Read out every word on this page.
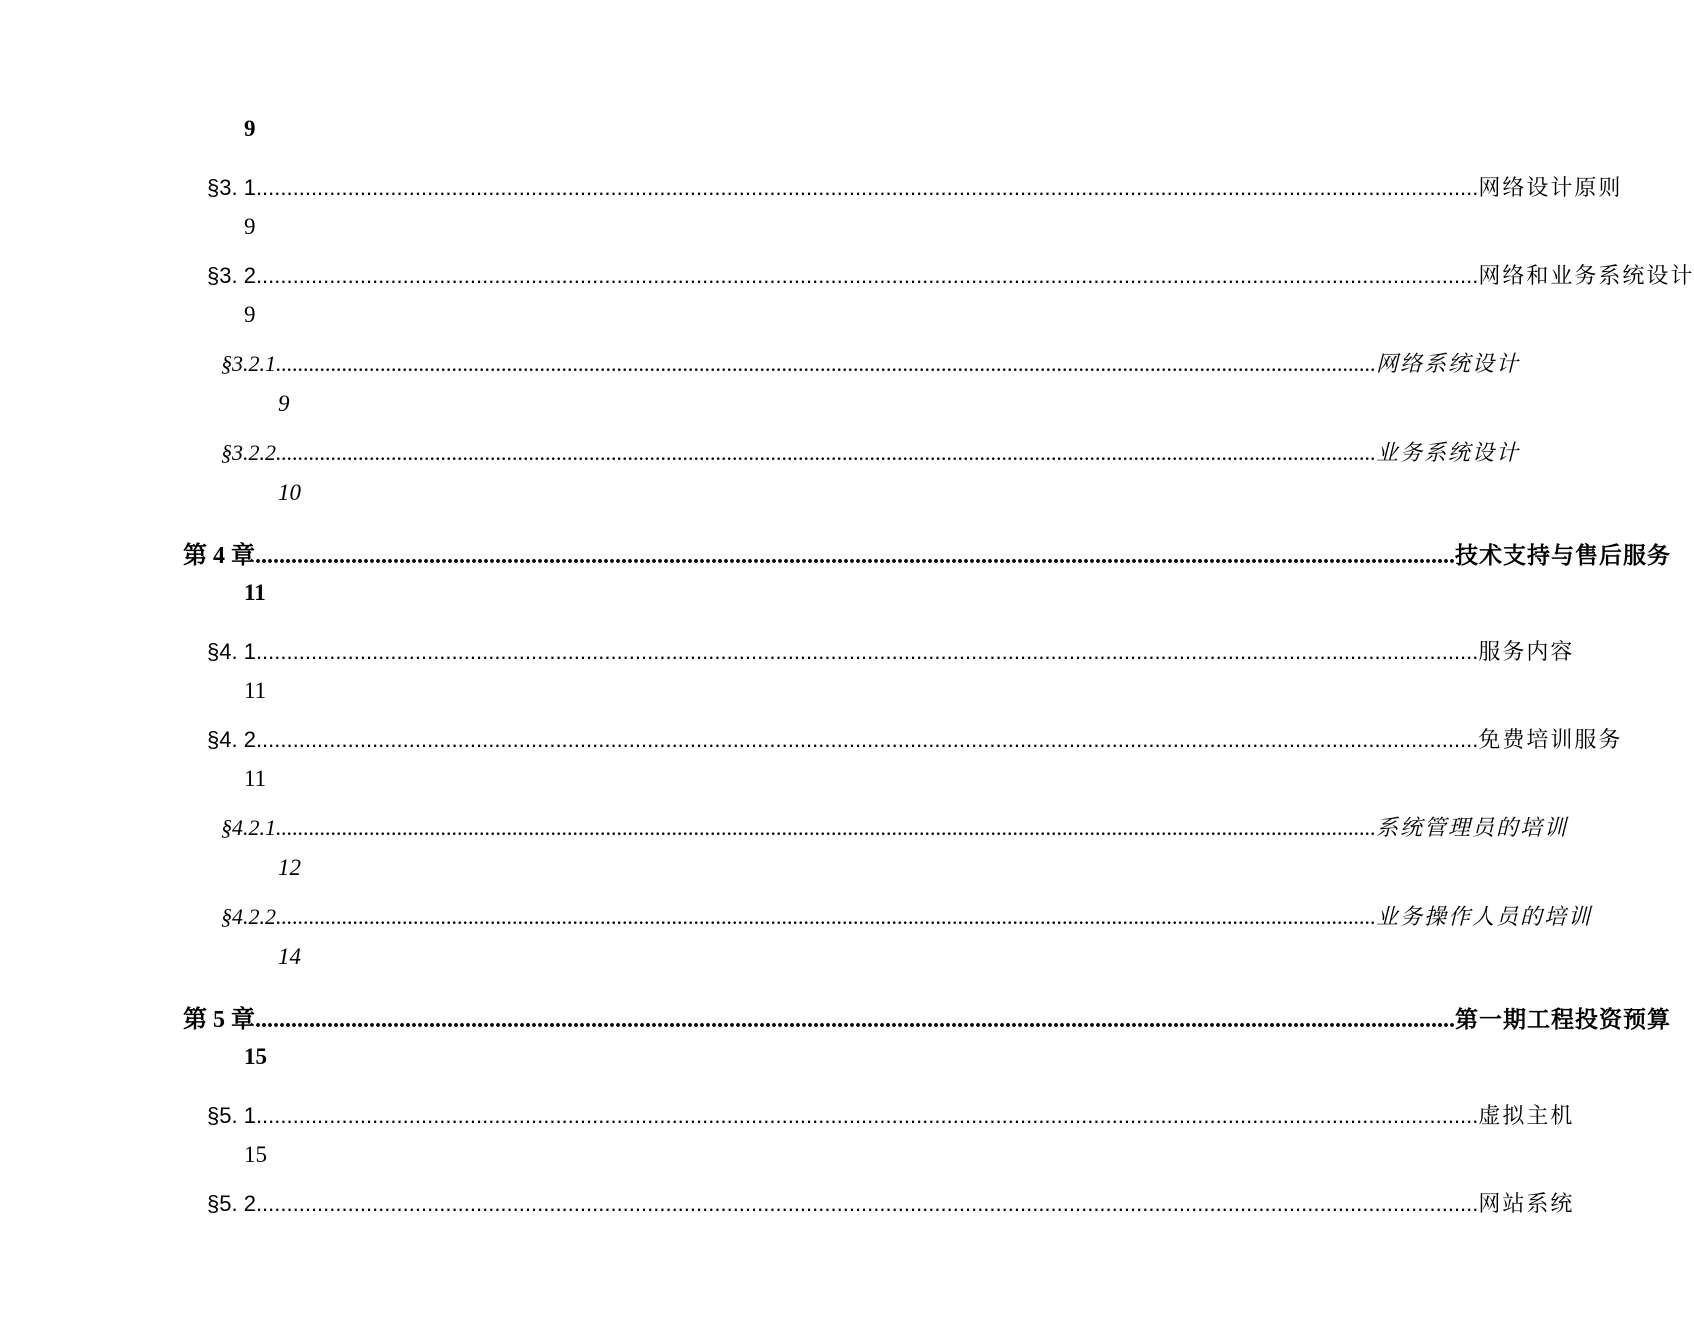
9
§3. 1 ........................................................................................................................................................................................................ 网络设计原则
9
§3. 2 ........................................................................................................................................................................................................ 网络和业务系统设计
9
§3.2.1 ........................................................................................................................................................................................................ 网络系统设计
9
§3.2.2 ........................................................................................................................................................................................................ 业务系统设计
10
第 4 章 ........................................................................................................................................................................................................ 技术支持与售后服务
11
§4. 1 ........................................................................................................................................................................................................ 服务内容
11
§4. 2 ........................................................................................................................................................................................................ 免费培训服务
11
§4.2.1 ........................................................................................................................................................................................................ 系统管理员的培训
12
§4.2.2 ........................................................................................................................................................................................................ 业务操作人员的培训
14
第 5 章 ........................................................................................................................................................................................................ 第一期工程投资预算
15
§5. 1 ........................................................................................................................................................................................................ 虚拟主机
15
§5. 2 ........................................................................................................................................................................................................ 网站系统
